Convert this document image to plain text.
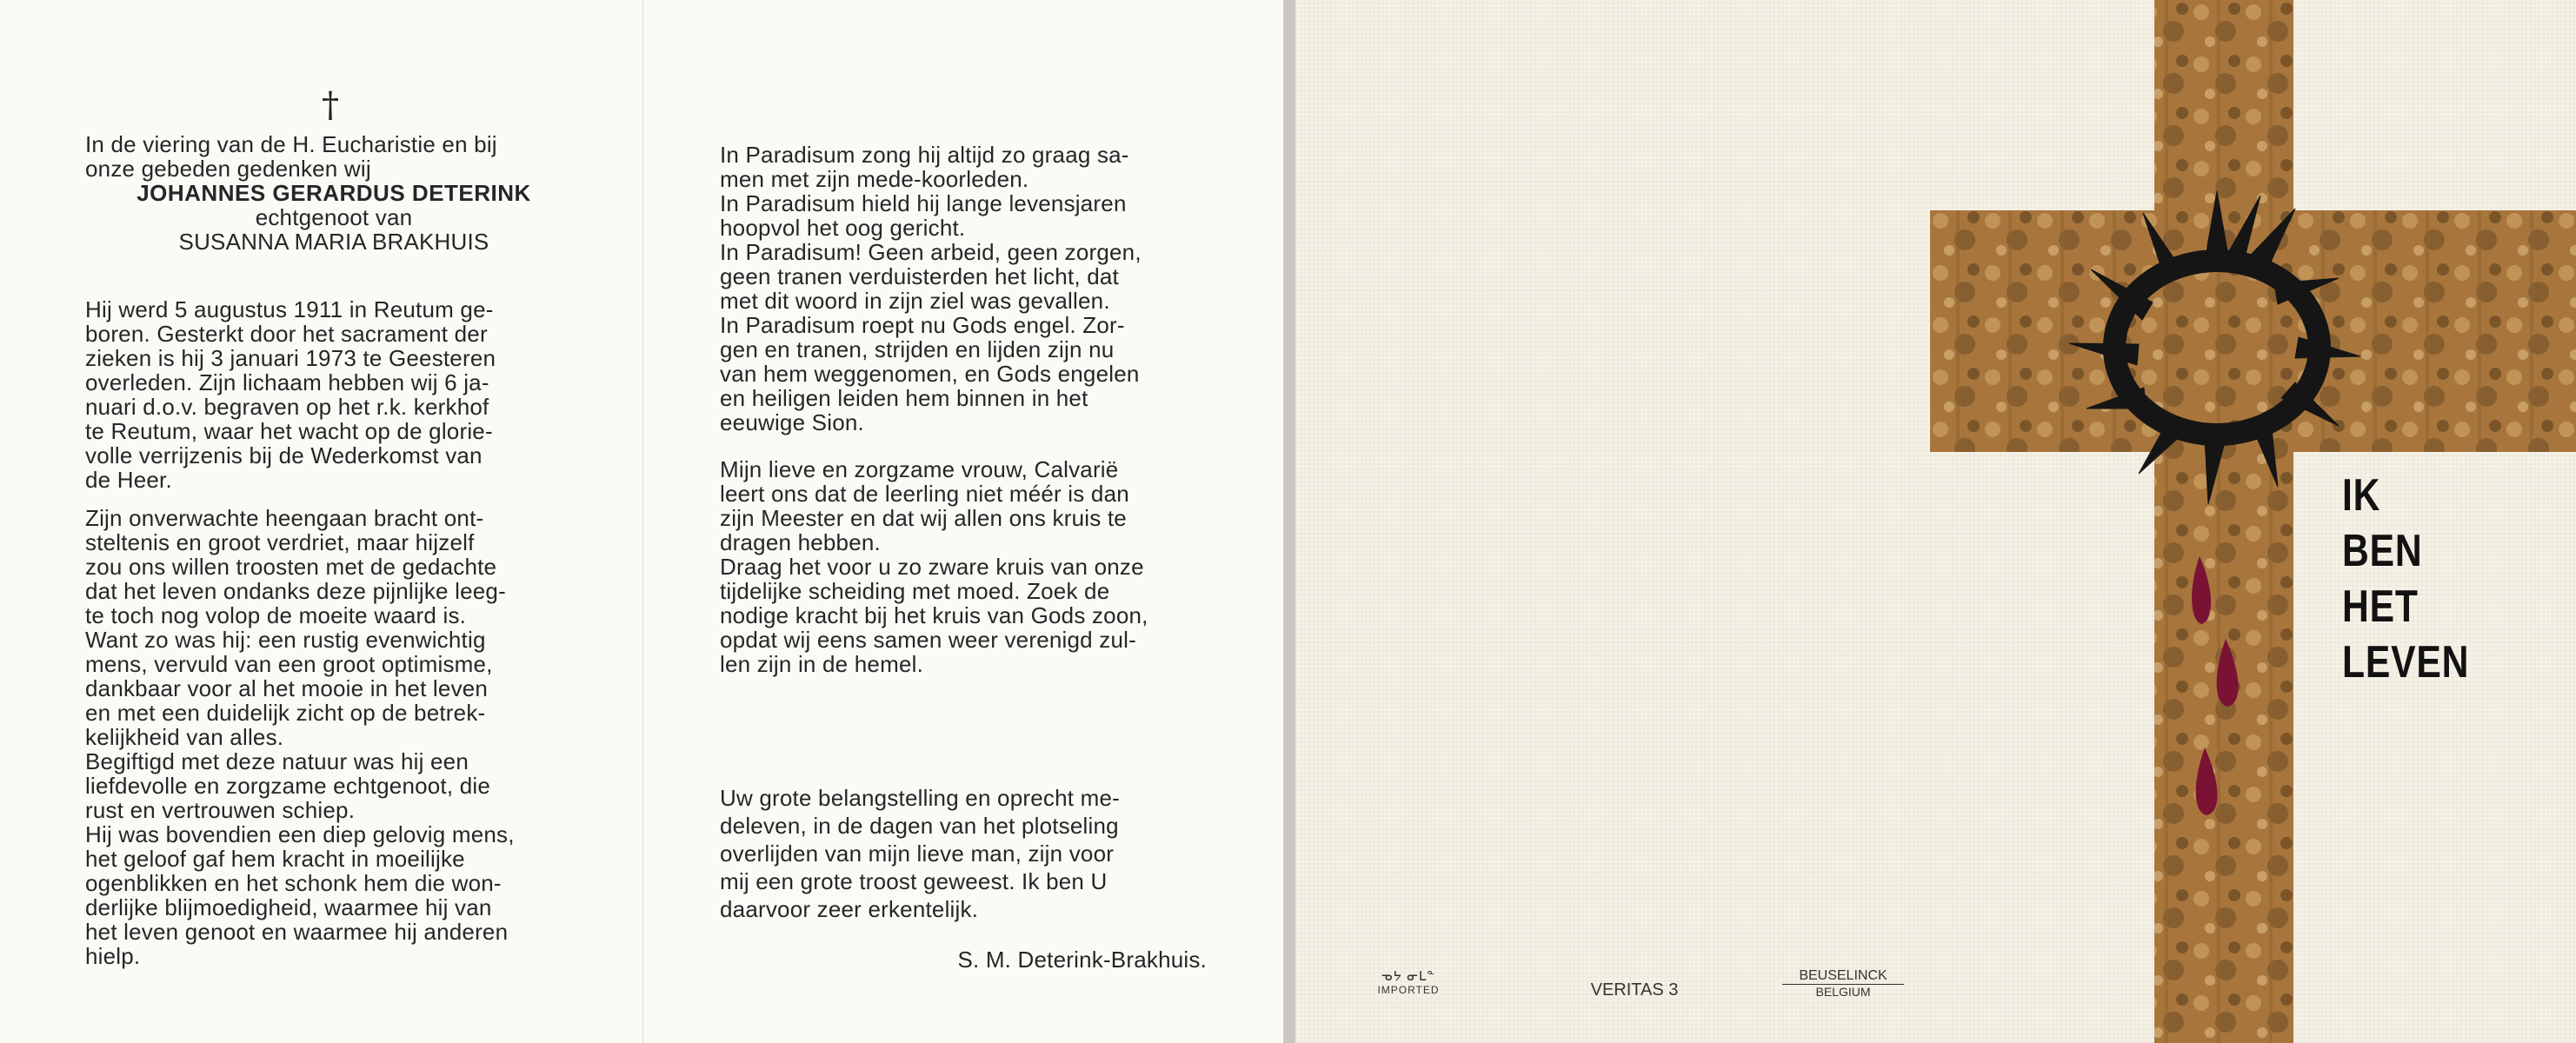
†

In de viering van de H. Eucharistie en bij

onze gebeden gedenken wij

JOHANNES GERARDUS DETERINK

echtgenoot van

SUSANNA MARIA BRAKHUIS

Hij werd 5 augustus 1911 in Reutum ge-

boren. Gesterkt door het sacrament der

zieken is hij 3 januari 1973 te Geesteren

overleden. Zijn lichaam hebben wij 6 ja-

nuari d.o.v. begraven op het r.k. kerkhof

te Reutum, waar het wacht op de glorie-

volle verrijzenis bij de Wederkomst van

de Heer.

Zijn onverwachte heengaan bracht ont-

steltenis en groot verdriet, maar hijzelf

zou ons willen troosten met de gedachte

dat het leven ondanks deze pijnlijke leeg-

te toch nog volop de moeite waard is.

Want zo was hij: een rustig evenwichtig

mens, vervuld van een groot optimisme,

dankbaar voor al het mooie in het leven

en met een duidelijk zicht op de betrek-

kelijkheid van alles.

Begiftigd met deze natuur was hij een

liefdevolle en zorgzame echtgenoot, die

rust en vertrouwen schiep.

Hij was bovendien een diep gelovig mens,

het geloof gaf hem kracht in moeilijke

ogenblikken en het schonk hem die won-

derlijke blijmoedigheid, waarmee hij van

het leven genoot en waarmee hij anderen

hielp.

In Paradisum zong hij altijd zo graag sa-

men met zijn mede-koorleden.

In Paradisum hield hij lange levensjaren

hoopvol het oog gericht.

In Paradisum! Geen arbeid, geen zorgen,

geen tranen verduisterden het licht, dat

met dit woord in zijn ziel was gevallen.

In Paradisum roept nu Gods engel. Zor-

gen en tranen, strijden en lijden zijn nu

van hem weggenomen, en Gods engelen

en heiligen leiden hem binnen in het

eeuwige Sion.

Mijn lieve en zorgzame vrouw, Calvarië

leert ons dat de leerling niet méér is dan

zijn Meester en dat wij allen ons kruis te

dragen hebben.

Draag het voor u zo zware kruis van onze

tijdelijke scheiding met moed. Zoek de

nodige kracht bij het kruis van Gods zoon,

opdat wij eens samen weer verenigd zul-

len zijn in de hemel.

Uw grote belangstelling en oprecht me-

deleven, in de dagen van het plotseling

overlijden van mijn lieve man, zijn voor

mij een grote troost geweest. Ik ben U

daarvoor zeer erkentelijk.

S. M. Deterink-Brakhuis.
ᓀᔭ ᓂᒪᓐ
IMPORTED	VERITAS 3
BEUSELINCK
BELGIUM
IK
BEN
HET
LEVEN
